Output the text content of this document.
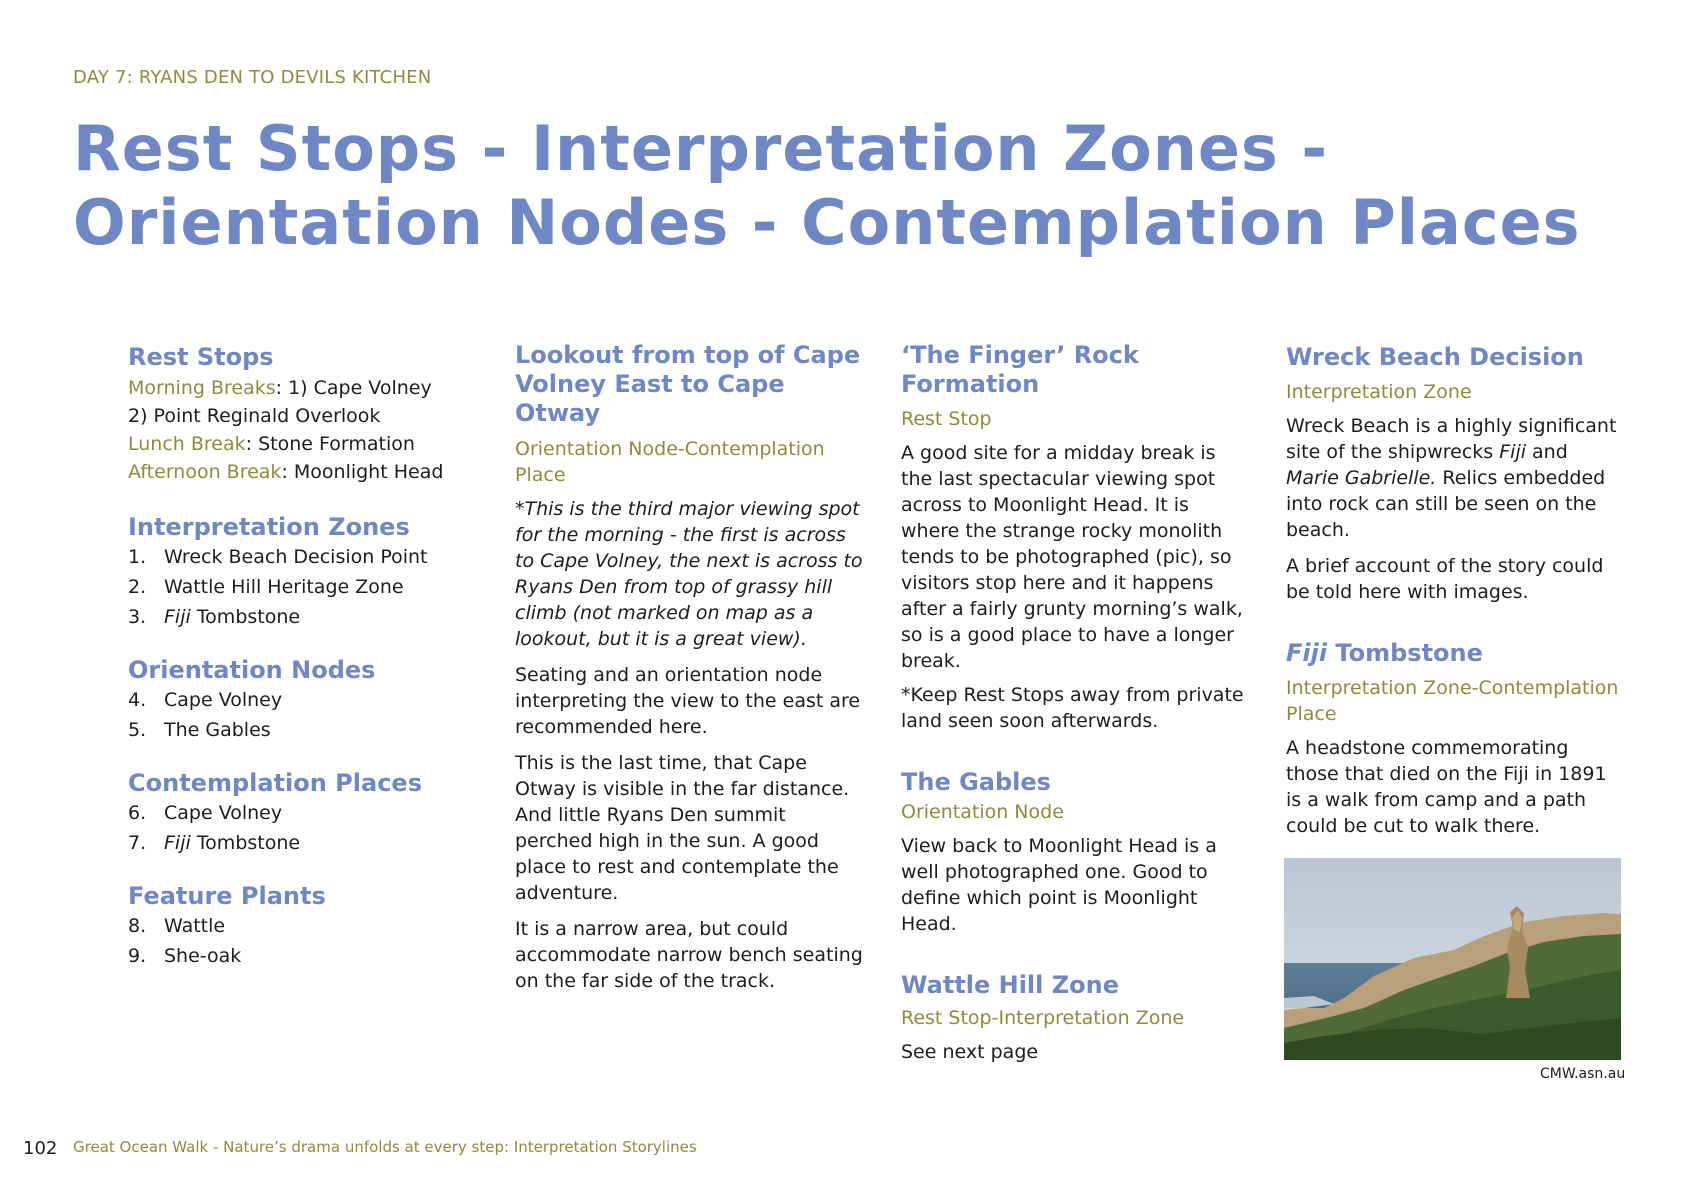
DAY 7: RYANS DEN TO DEVILS KITCHEN
Rest Stops - Interpretation Zones -
Orientation Nodes - Contemplation Places
Rest Stops

Morning Breaks: 1) Cape Volney

2) Point Reginald Overlook

Lunch Break: Stone Formation

Afternoon Break: Moonlight Head

Interpretation Zones
1. Wreck Beach Decision Point
2. Wattle Hill Heritage Zone
3. Fiji Tombstone
Orientation Nodes
4. Cape Volney
5. The Gables
Contemplation Places
6. Cape Volney
7. Fiji Tombstone
Feature Plants
8. Wattle
9. She-oak
Lookout from top of Cape Volney East to Cape Otway
Orientation Node-Contemplation Place

*This is the third major viewing spot for the morning - the first is across to Cape Volney, the next is across to Ryans Den from top of grassy hill climb (not marked on map as a lookout, but it is a great view).

Seating and an orientation node interpreting the view to the east are recommended here.

This is the last time, that Cape Otway is visible in the far distance. And little Ryans Den summit perched high in the sun. A good place to rest and contemplate the adventure.

It is a narrow area, but could accommodate narrow bench seating on the far side of the track.

‘The Finger’ Rock Formation
Rest Stop

A good site for a midday break is the last spectacular viewing spot across to Moonlight Head. It is where the strange rocky monolith tends to be photographed (pic), so visitors stop here and it happens after a fairly grunty morning’s walk, so is a good place to have a longer break.

*Keep Rest Stops away from private land seen soon afterwards.

The Gables
Orientation Node

View back to Moonlight Head is a well photographed one. Good to define which point is Moonlight Head.

Wattle Hill Zone
Rest Stop-Interpretation Zone

See next page

Wreck Beach Decision
Interpretation Zone

Wreck Beach is a highly significant site of the shipwrecks Fiji and Marie Gabrielle. Relics embedded into rock can still be seen on the beach.

A brief account of the story could be told here with images.

Fiji Tombstone
Interpretation Zone-Contemplation Place

A headstone commemorating those that died on the Fiji in 1891 is a walk from camp and a path could be cut to walk there.

CMW.asn.au
102 Great Ocean Walk - Nature’s drama unfolds at every step: Interpretation Storylines
